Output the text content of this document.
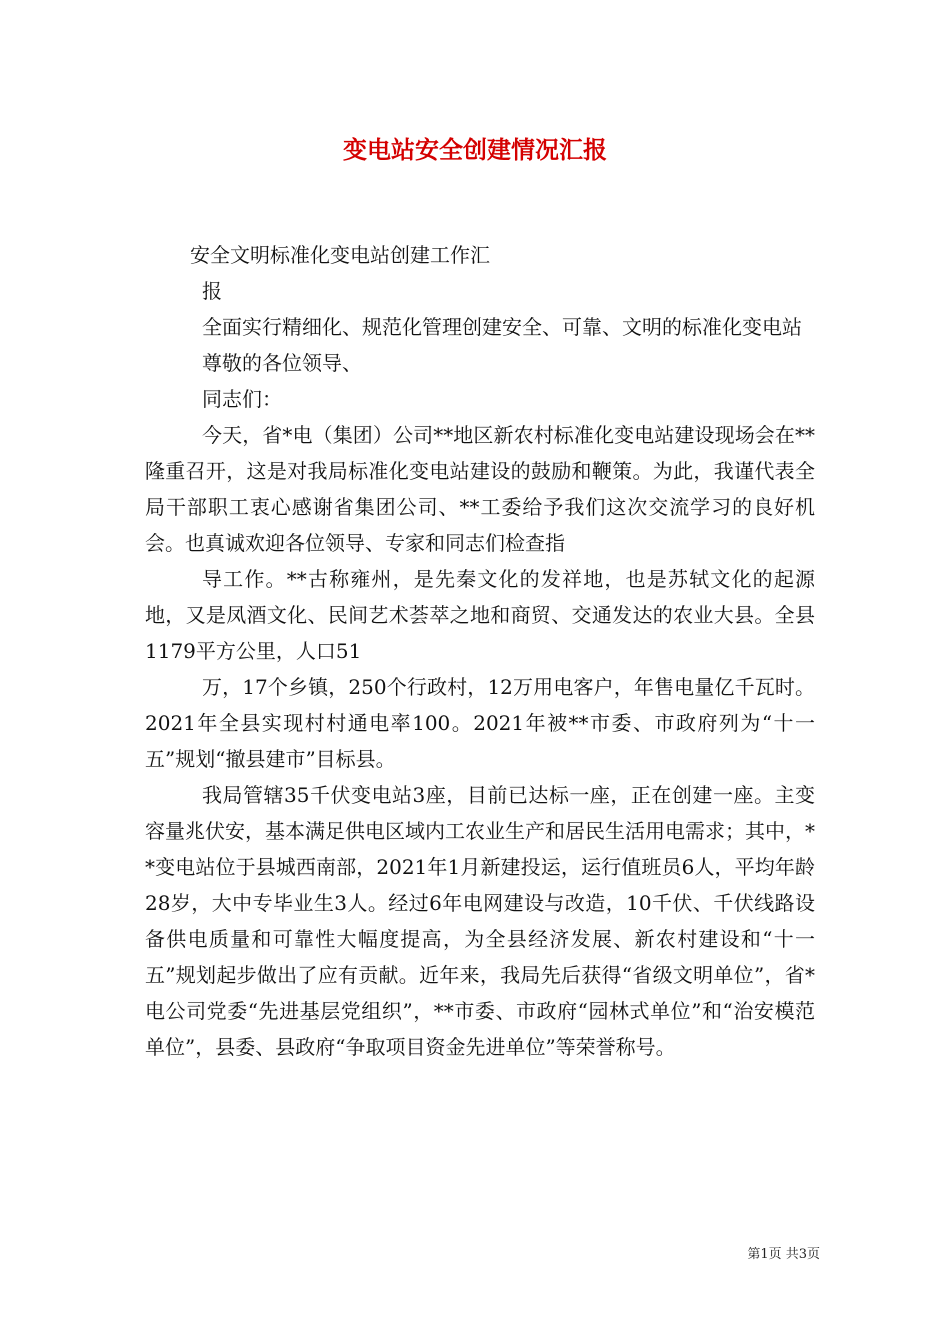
变电站安全创建情况汇报

安全文明标准化变电站创建工作汇

报

全面实行精细化、规范化管理创建安全、可靠、文明的标准化变电站

尊敬的各位领导、

同志们：

今天，省*电（集团）公司**地区新农村标准化变电站建设现场会在**隆重召开，这是对我局标准化变电站建设的鼓励和鞭策。为此，我谨代表全局干部职工衷心感谢省集团公司、**工委给予我们这次交流学习的良好机会。也真诚欢迎各位领导、专家和同志们检查指

导工作。**古称雍州，是先秦文化的发祥地，也是苏轼文化的起源地，又是凤酒文化、民间艺术荟萃之地和商贸、交通发达的农业大县。全县1179平方公里，人口51

万，17个乡镇，250个行政村，12万用电客户，年售电量亿千瓦时。2021年全县实现村村通电率100。2021年被**市委、市政府列为“十一五”规划“撤县建市”目标县。

我局管辖35千伏变电站3座，目前已达标一座，正在创建一座。主变容量兆伏安，基本满足供电区域内工农业生产和居民生活用电需求；其中，**变电站位于县城西南部，2021年1月新建投运，运行值班员6人，平均年龄28岁，大中专毕业生3人。经过6年电网建设与改造，10千伏、千伏线路设备供电质量和可靠性大幅度提高，为全县经济发展、新农村建设和“十一五”规划起步做出了应有贡献。近年来，我局先后获得“省级文明单位”，省*电公司党委“先进基层党组织”，**市委、市政府“园林式单位”和“治安模范单位”，县委、县政府“争取项目资金先进单位”等荣誉称号。

第1页 共3页
